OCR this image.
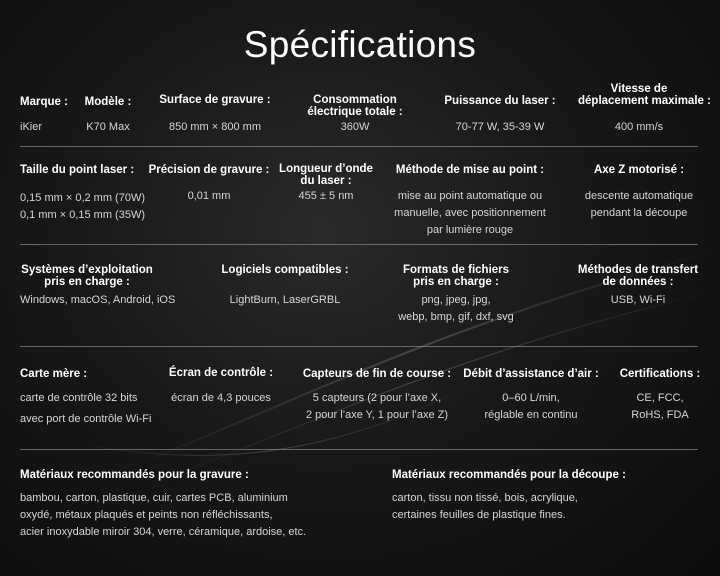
Spécifications
Marque :
iKier
Modèle :
K70 Max
Surface de gravure :
850 mm × 800 mm
Consommation
électrique totale :
360W
Puissance du laser :
70-77 W, 35-39 W
Vitesse de
déplacement maximale :
400 mm/s
Taille du point laser :
0,15 mm × 0,2 mm (70W)
0,1 mm × 0,15 mm (35W)
Précision de gravure :
0,01 mm
Longueur d’onde
du laser :
455 ± 5 nm
Méthode de mise au point :
mise au point automatique ou
manuelle, avec positionnement
par lumière rouge
Axe Z motorisé :
descente automatique
pendant la découpe
Systèmes d’exploitation
pris en charge :
Windows, macOS, Android, iOS
Logiciels compatibles :
LightBurn, LaserGRBL
Formats de fichiers
pris en charge :
png, jpeg, jpg,
webp, bmp, gif, dxf, svg
Méthodes de transfert
de données :
USB, Wi-Fi
Carte mère :
carte de contrôle 32 bits
avec port de contrôle Wi-Fi
Écran de contrôle :
écran de 4,3 pouces
Capteurs de fin de course :
5 capteurs (2 pour l’axe X,
2 pour l’axe Y, 1 pour l’axe Z)
Débit d’assistance d’air :
0–60 L/min,
réglable en continu
Certifications :
CE, FCC,
RoHS, FDA
Matériaux recommandés pour la gravure :
bambou, carton, plastique, cuir, cartes PCB, aluminium
oxydé, métaux plaqués et peints non réfléchissants,
acier inoxydable miroir 304, verre, céramique, ardoise, etc.
Matériaux recommandés pour la découpe :
carton, tissu non tissé, bois, acrylique,
certaines feuilles de plastique fines.
